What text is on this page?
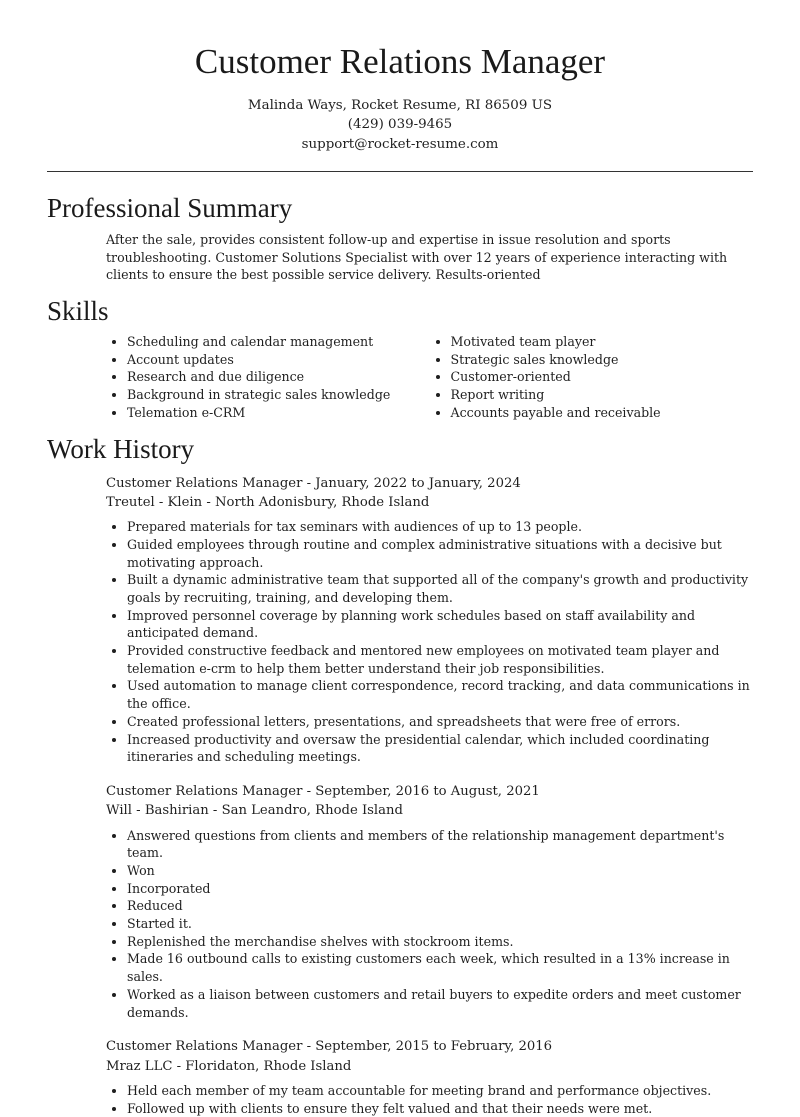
Customer Relations Manager
Malinda Ways, Rocket Resume, RI 86509 US
(429) 039-9465
support@rocket-resume.com
Professional Summary

After the sale, provides consistent follow-up and expertise in issue resolution and sports troubleshooting. Customer Solutions Specialist with over 12 years of experience interacting with clients to ensure the best possible service delivery. Results-oriented

Skills
• Scheduling and calendar management
• Account updates
• Research and due diligence
• Background in strategic sales knowledge
• Telemation e-CRM
• Motivated team player
• Strategic sales knowledge
• Customer-oriented
• Report writing
• Accounts payable and receivable
Work History
Customer Relations Manager - January, 2022 to January, 2024
Treutel - Klein - North Adonisbury, Rhode Island
• Prepared materials for tax seminars with audiences of up to 13 people.
• Guided employees through routine and complex administrative situations with a decisive but motivating approach.
• Built a dynamic administrative team that supported all of the company's growth and productivity goals by recruiting, training, and developing them.
• Improved personnel coverage by planning work schedules based on staff availability and anticipated demand.
• Provided constructive feedback and mentored new employees on motivated team player and telemation e-crm to help them better understand their job responsibilities.
• Used automation to manage client correspondence, record tracking, and data communications in the office.
• Created professional letters, presentations, and spreadsheets that were free of errors.
• Increased productivity and oversaw the presidential calendar, which included coordinating itineraries and scheduling meetings.
Customer Relations Manager - September, 2016 to August, 2021
Will - Bashirian - San Leandro, Rhode Island
• Answered questions from clients and members of the relationship management department's team.
• Won
• Incorporated
• Reduced
• Started it.
• Replenished the merchandise shelves with stockroom items.
• Made 16 outbound calls to existing customers each week, which resulted in a 13% increase in sales.
• Worked as a liaison between customers and retail buyers to expedite orders and meet customer demands.
Customer Relations Manager - September, 2015 to February, 2016
Mraz LLC - Floridaton, Rhode Island
• Held each member of my team accountable for meeting brand and performance objectives.
• Followed up with clients to ensure they felt valued and that their needs were met.
